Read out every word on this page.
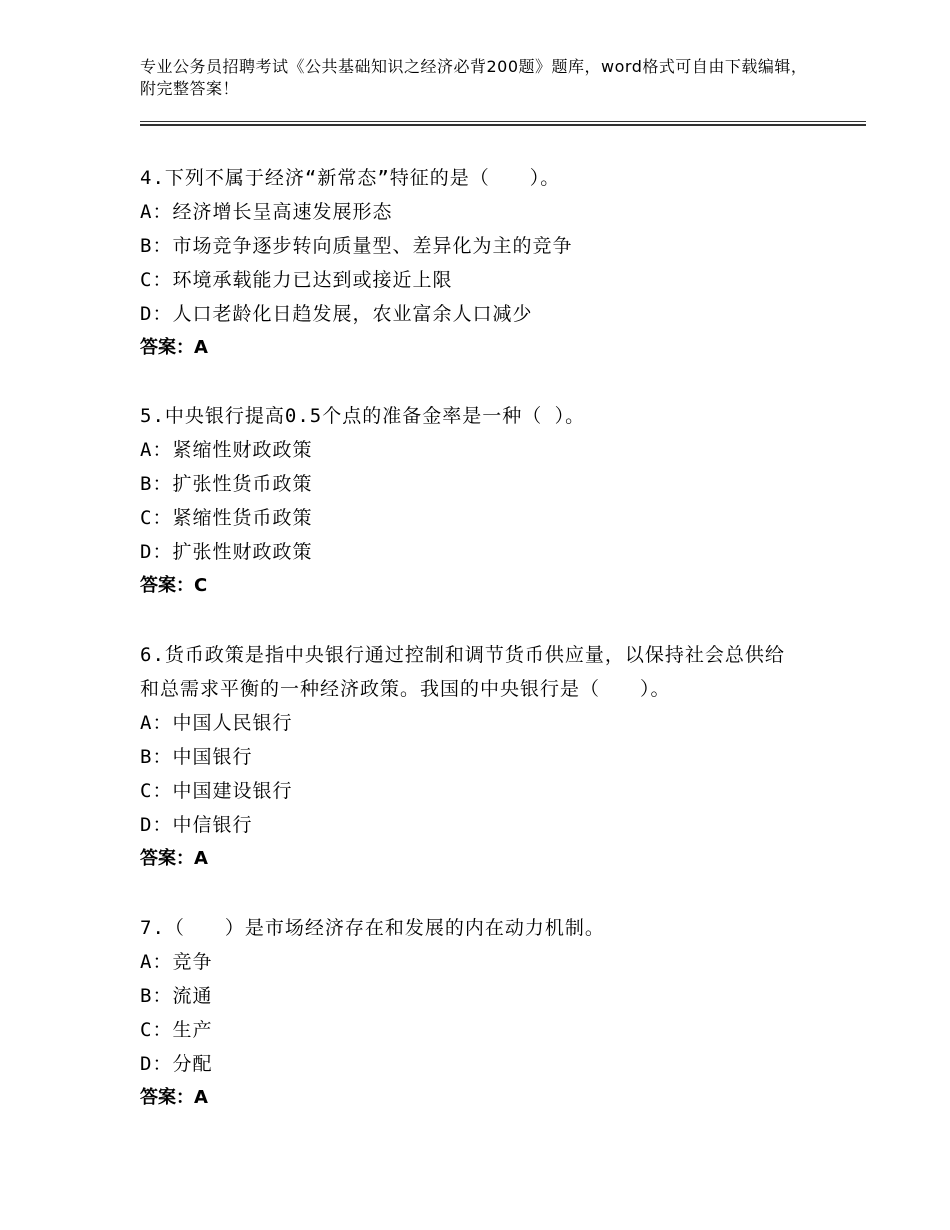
专业公务员招聘考试《公共基础知识之经济必背200题》题库，word格式可自由下载编辑，附完整答案！

4.下列不属于经济“新常态”特征的是（　　）。

A：经济增长呈高速发展形态

B：市场竞争逐步转向质量型、差异化为主的竞争

C：环境承载能力已达到或接近上限

D：人口老龄化日趋发展，农业富余人口减少

答案：A

5.中央银行提高0.5个点的准备金率是一种（ ）。

A：紧缩性财政政策

B：扩张性货币政策

C：紧缩性货币政策

D：扩张性财政政策

答案：C

6.货币政策是指中央银行通过控制和调节货币供应量，以保持社会总供给和总需求平衡的一种经济政策。我国的中央银行是（　　）。

A：中国人民银行

B：中国银行

C：中国建设银行

D：中信银行

答案：A

7.（　　）是市场经济存在和发展的内在动力机制。

A：竞争

B：流通

C：生产

D：分配

答案：A
